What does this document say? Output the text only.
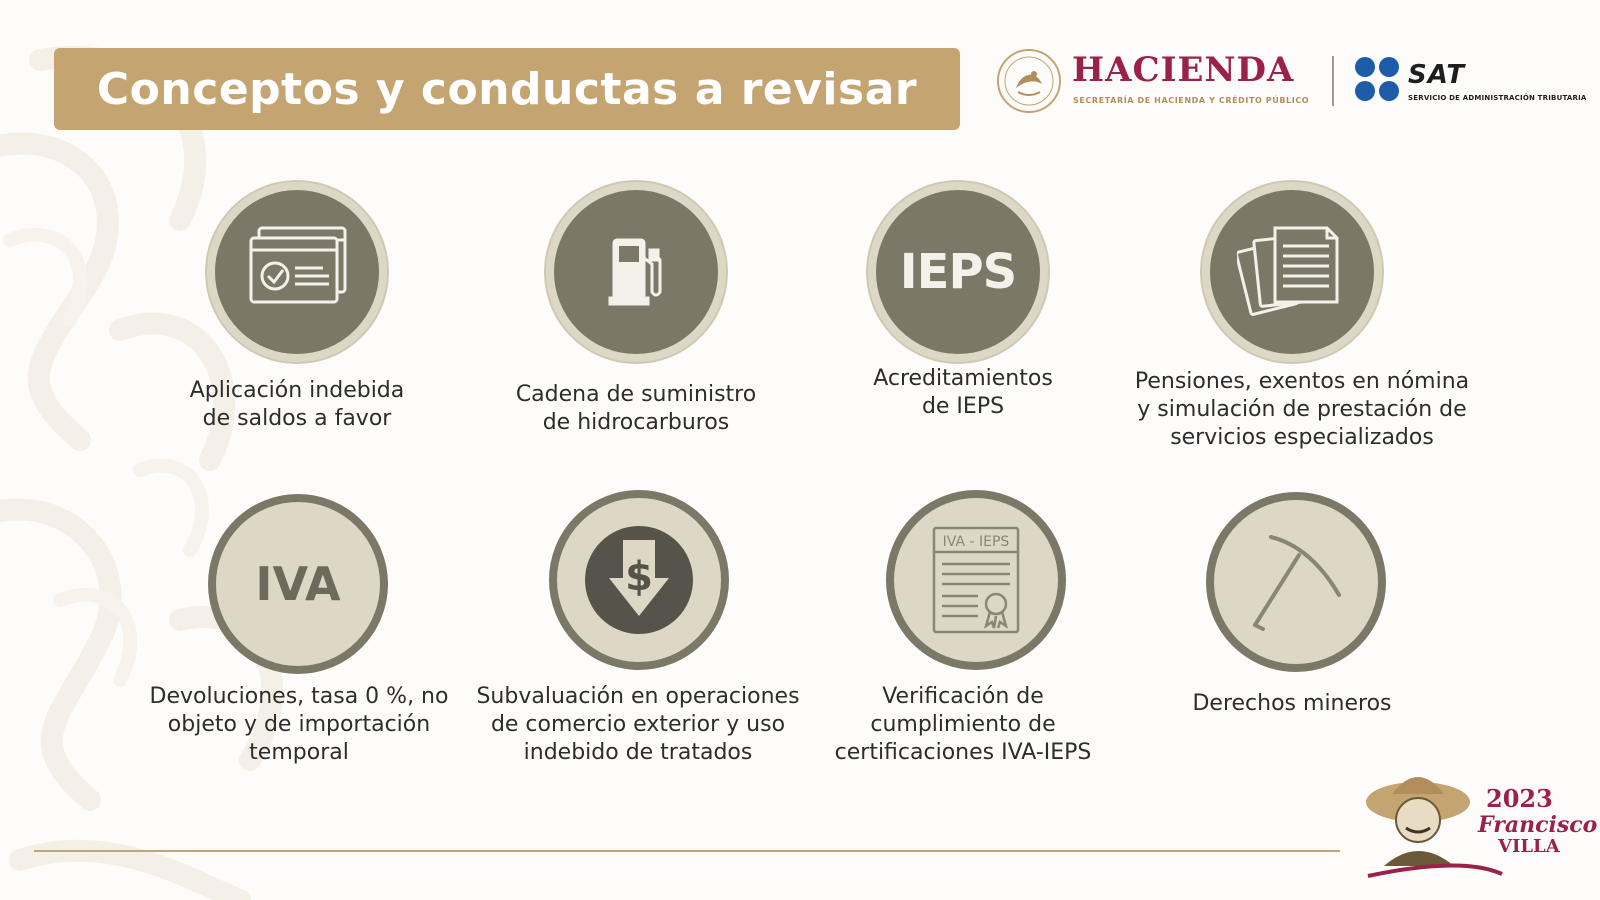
Conceptos y conductas a revisar	HACIENDA
SECRETARÍA DE HACIENDA Y CRÉDITO PÚBLICO
SAT
SERVICIO DE ADMINISTRACIÓN TRIBUTARIA
Aplicación indebida
de saldos a favor
Cadena de suministro
de hidrocarburos
IEPS
Acreditamientos
de IEPS
Pensiones, exentos en nómina
y simulación de prestación de
servicios especializados
IVA
Devoluciones, tasa 0 %, no
objeto y de importación
temporal
$
Subvaluación en operaciones
de comercio exterior y uso
indebido de tratados
IVA - IEPS
Verificación de
cumplimiento de
certificaciones IVA-IEPS
Derechos mineros
2023
Francisco
VILLA
